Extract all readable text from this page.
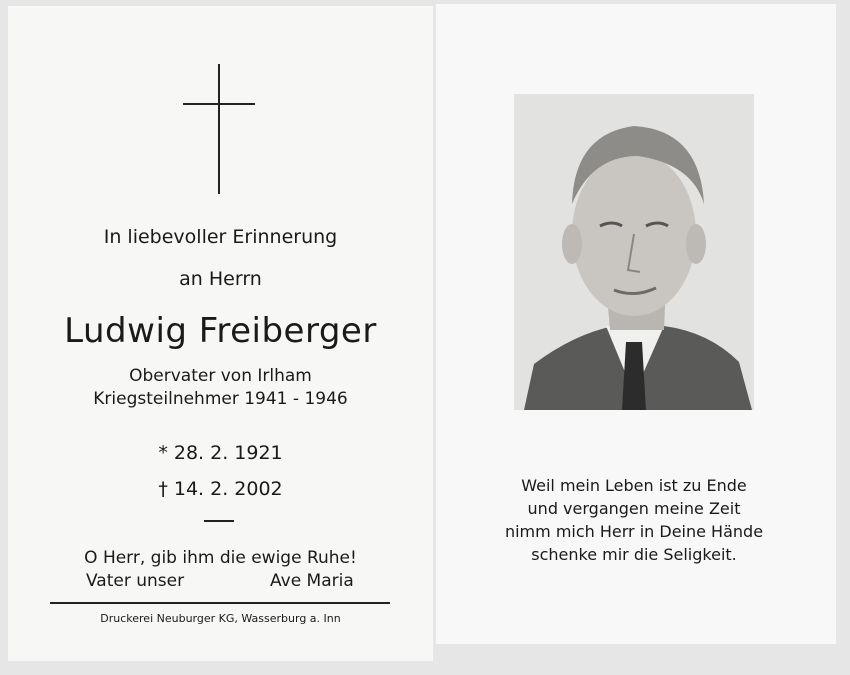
In liebevoller Erinnerung
an Herrn
Ludwig Freiberger
Obervater von Irlham
Kriegsteilnehmer 1941 - 1946
* 28. 2. 1921
† 14. 2. 2002
O Herr, gib ihm die ewige Ruhe!
Vater unser	Ave Maria
Druckerei Neuburger KG, Wasserburg a. Inn
Weil mein Leben ist zu Ende
und vergangen meine Zeit
nimm mich Herr in Deine Hände
schenke mir die Seligkeit.
